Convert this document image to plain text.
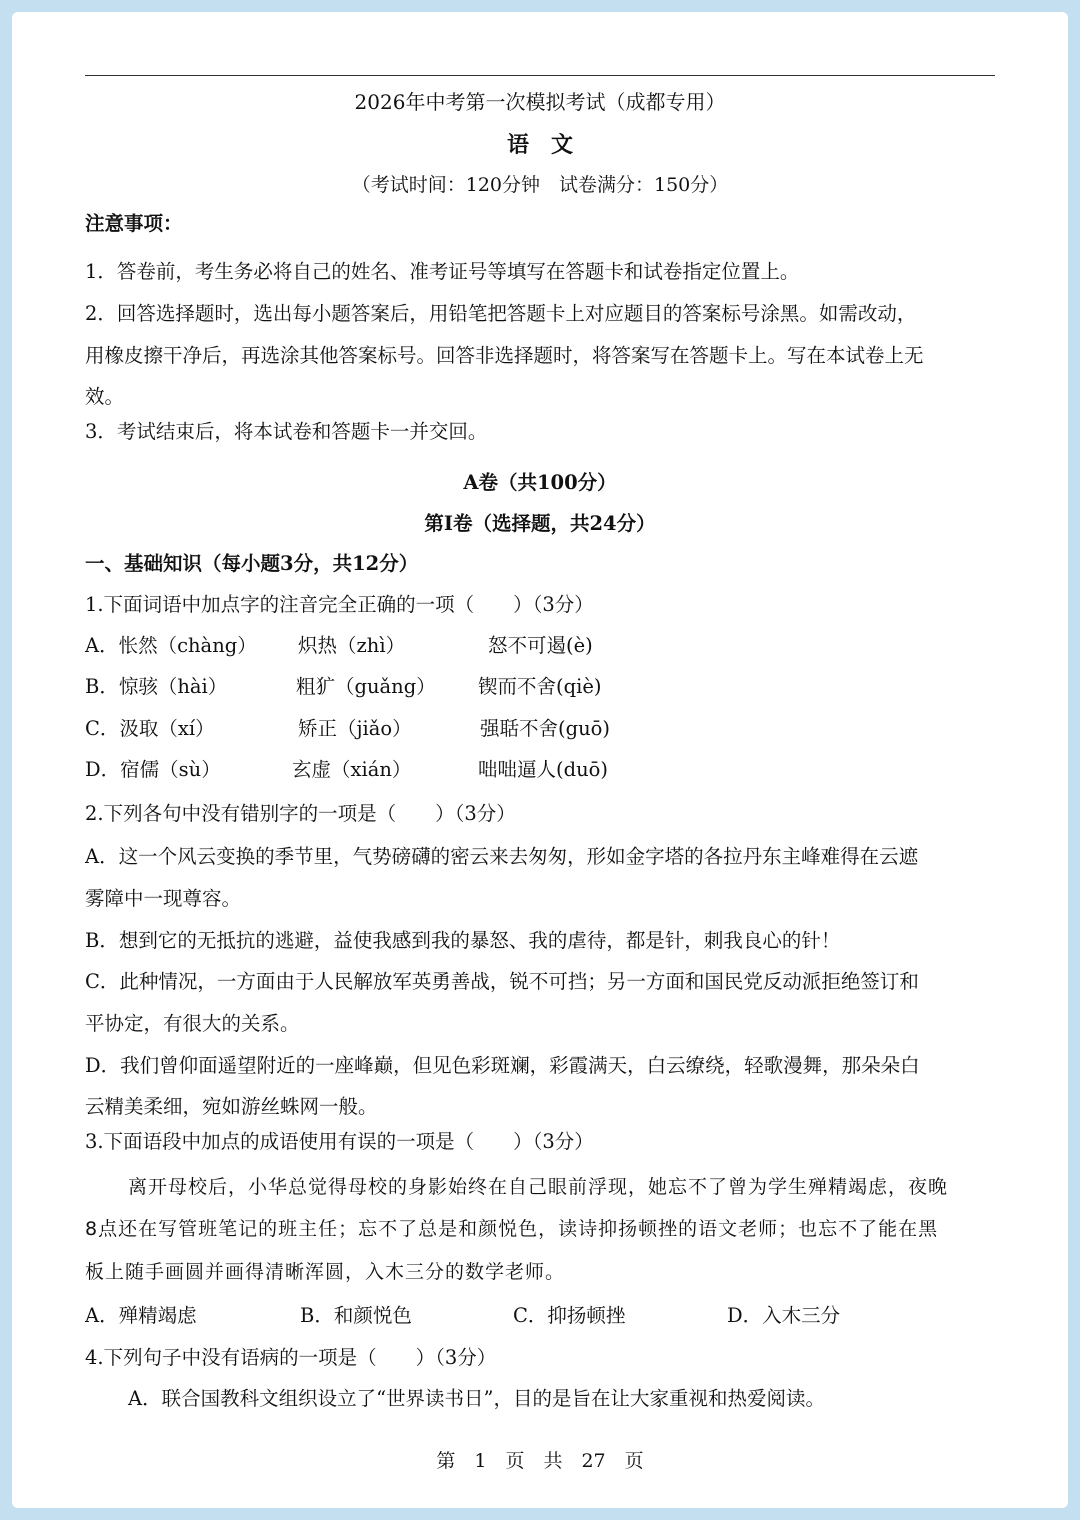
2026年中考第一次模拟考试（成都专用）

语文

（考试时间：120分钟　试卷满分：150分）

注意事项：

1．答卷前，考生务必将自己的姓名、准考证号等填写在答题卡和试卷指定位置上。

2．回答选择题时，选出每小题答案后，用铅笔把答题卡上对应题目的答案标号涂黑。如需改动，

用橡皮擦干净后，再选涂其他答案标号。回答非选择题时，将答案写在答题卡上。写在本试卷上无

效。

3．考试结束后，将本试卷和答题卡一并交回。

A卷（共100分）

第Ⅰ卷（选择题，共24分）

一、基础知识（每小题3分，共12分）

1.下面词语中加点字的注音完全正确的一项（　　）（3分）

A．怅然（chàng） 炽热（zhì）	怒不可遏(è)

B．惊骇（hài）	粗犷（guǎng） 锲而不舍(qiè)

C．汲取（xí）	矫正（jiǎo）	强聒不舍(guō)

D．宿儒（sù）	玄虚（xián）	咄咄逼人(duō)

2.下列各句中没有错别字的一项是（　　）（3分）

A．这一个风云变换的季节里，气势磅礴的密云来去匆匆，形如金字塔的各拉丹东主峰难得在云遮

雾障中一现尊容。

B．想到它的无抵抗的逃避，益使我感到我的暴怒、我的虐待，都是针，刺我良心的针！

C．此种情况，一方面由于人民解放军英勇善战，锐不可挡；另一方面和国民党反动派拒绝签订和

平协定，有很大的关系。

D．我们曾仰面遥望附近的一座峰巅，但见色彩斑斓，彩霞满天，白云缭绕，轻歌漫舞，那朵朵白

云精美柔细，宛如游丝蛛网一般。

3.下面语段中加点的成语使用有误的一项是（　　）（3分）

离开母校后，小华总觉得母校的身影始终在自己眼前浮现，她忘不了曾为学生殚精竭虑，夜晚

8点还在写管班笔记的班主任；忘不了总是和颜悦色，读诗抑扬顿挫的语文老师；也忘不了能在黑

板上随手画圆并画得清晰浑圆，入木三分的数学老师。

A．殚精竭虑	B．和颜悦色	C．抑扬顿挫	D．入木三分

4.下列句子中没有语病的一项是（　　）（3分）

A．联合国教科文组织设立了“世界读书日”，目的是旨在让大家重视和热爱阅读。

第　1　页　共　27　页
